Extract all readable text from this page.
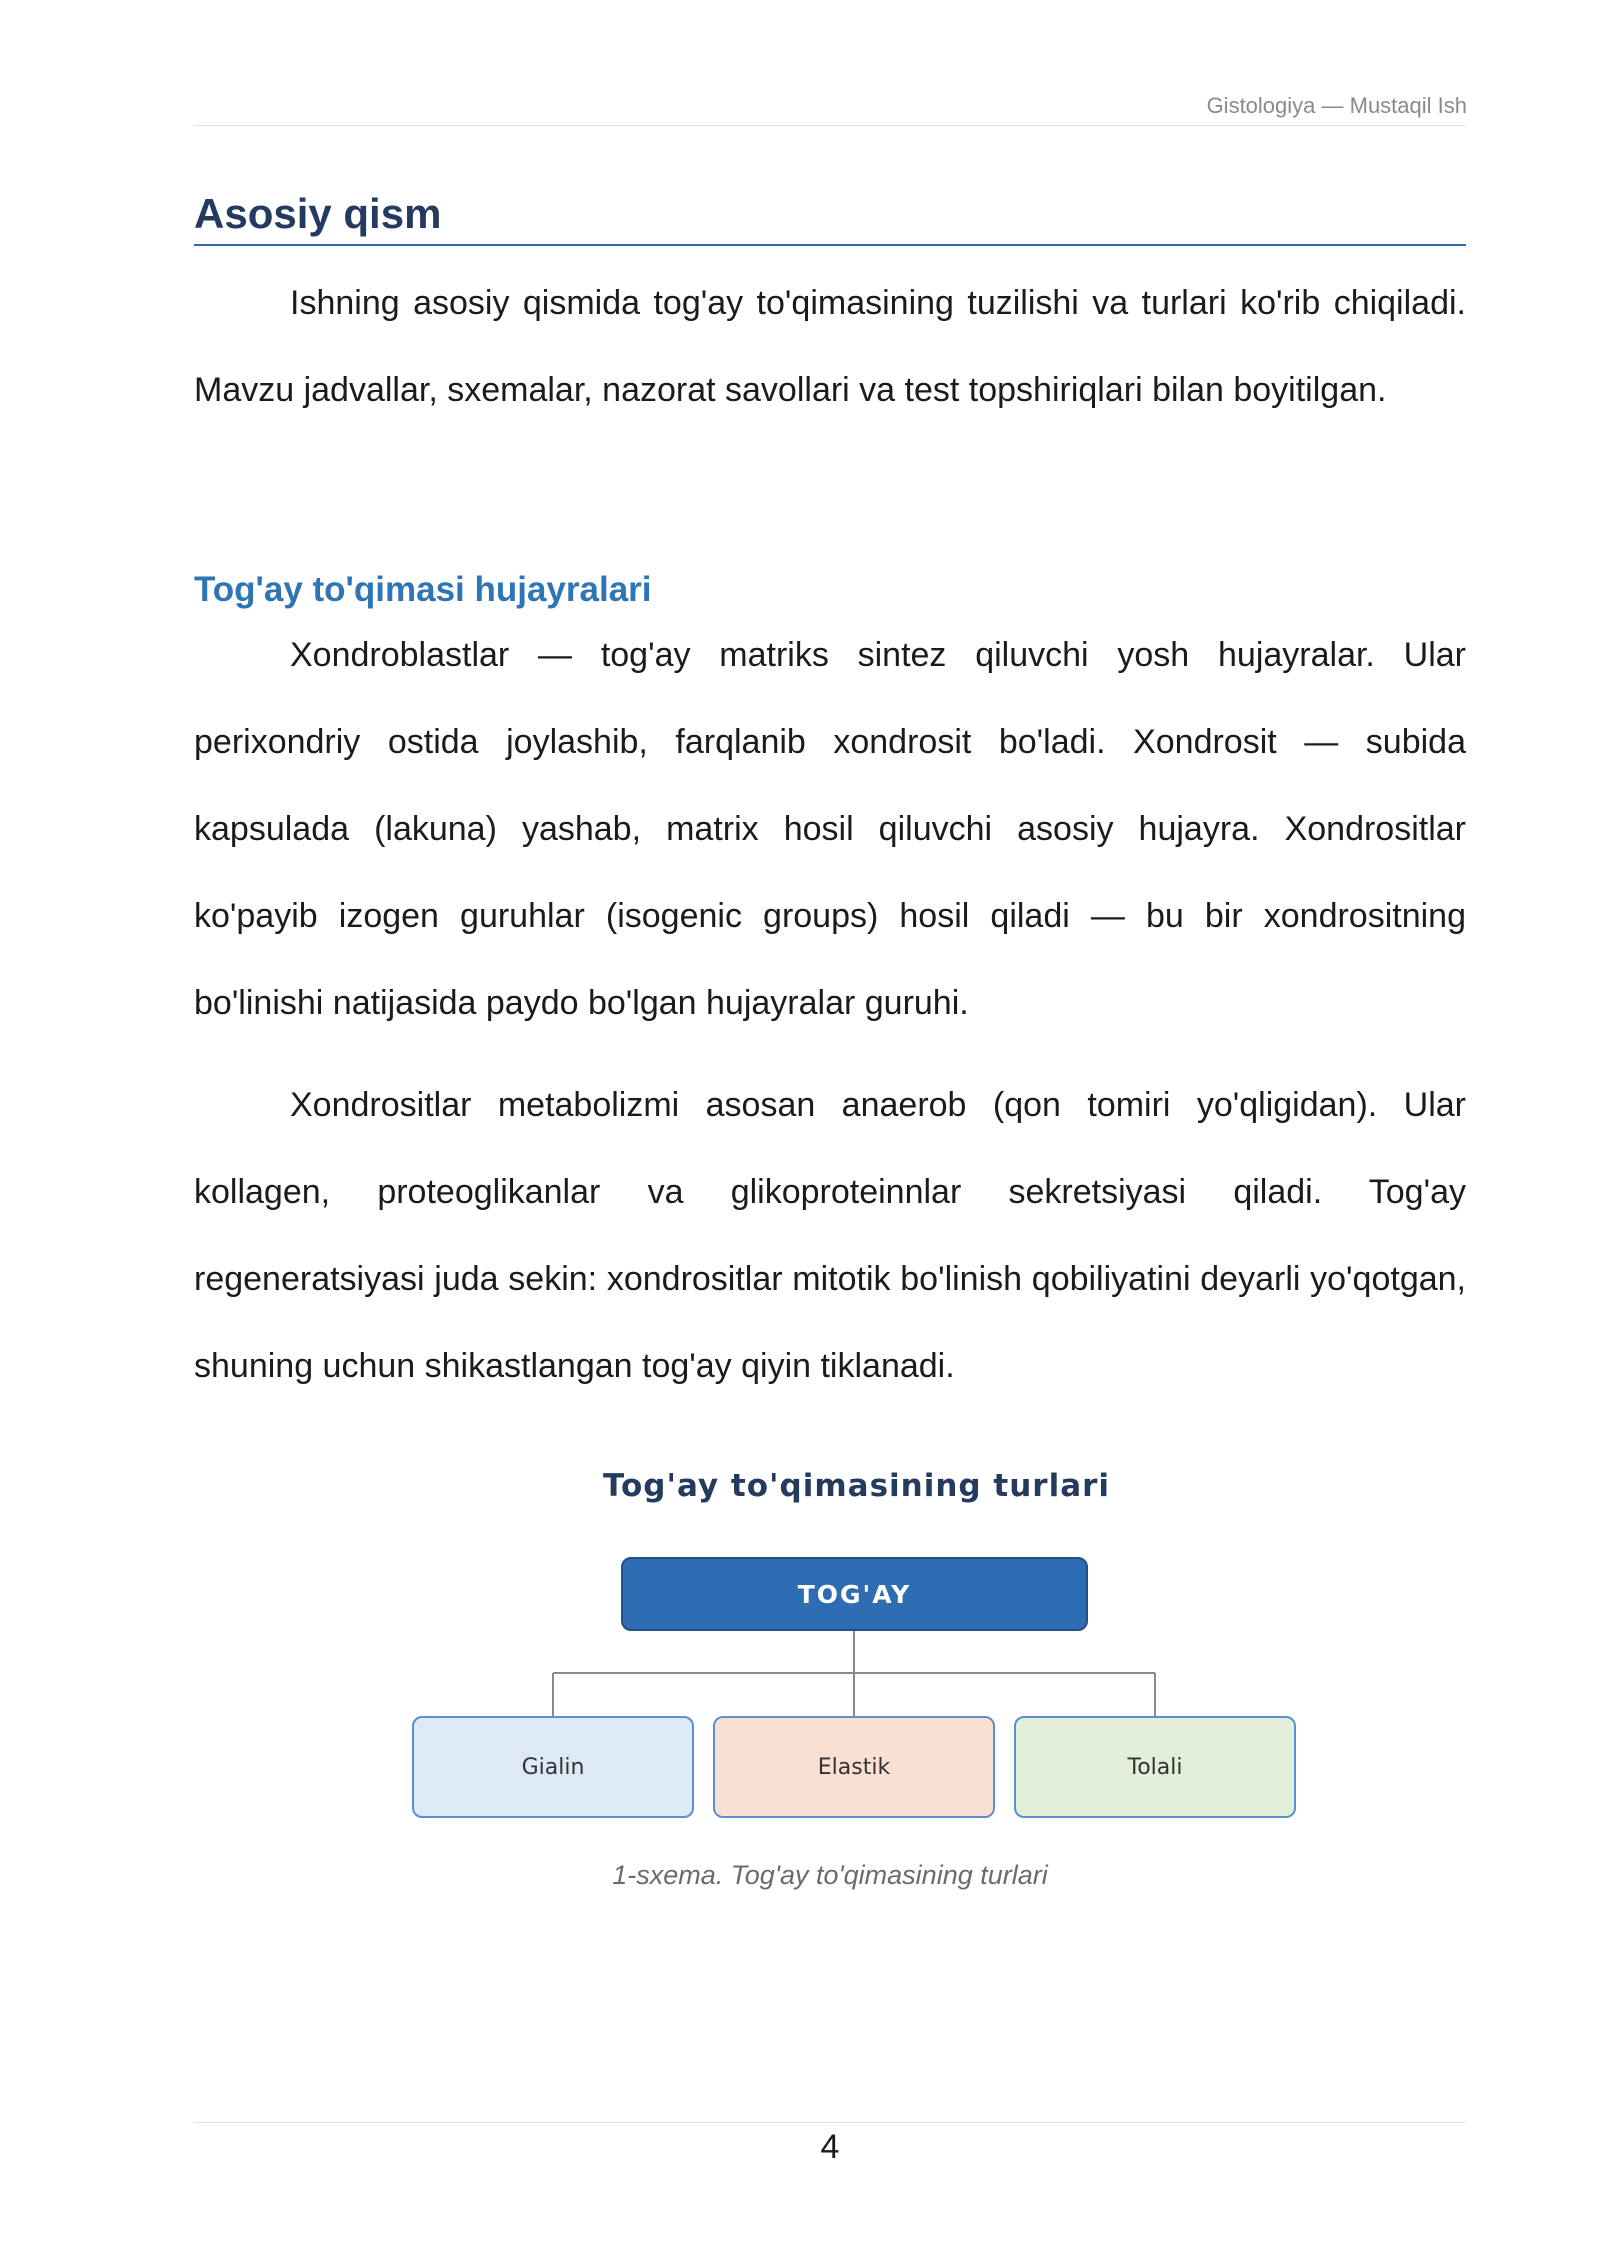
Gistologiya — Mustaqil Ish
Asosiy qism

Ishning asosiy qismida tog'ay to'qimasining tuzilishi va turlari ko'rib chiqiladi. Mavzu jadvallar, sxemalar, nazorat savollari va test topshiriqlari bilan boyitilgan.

Tog'ay to'qimasi hujayralari

Xondroblastlar — tog'ay matriks sintez qiluvchi yosh hujayralar. Ular perixondriy ostida joylashib, farqlanib xondrosit bo'ladi. Xondrosit — subida kapsulada (lakuna) yashab, matrix hosil qiluvchi asosiy hujayra. Xondrositlar ko'payib izogen guruhlar (isogenic groups) hosil qiladi — bu bir xondrositning bo'linishi natijasida paydo bo'lgan hujayralar guruhi.

Xondrositlar metabolizmi asosan anaerob (qon tomiri yo'qligidan). Ular kollagen, proteoglikanlar va glikoproteinnlar sekretsiyasi qiladi. Tog'ay regeneratsiyasi juda sekin: xondrositlar mitotik bo'linish qobiliyatini deyarli yo'qotgan, shuning uchun shikastlangan tog'ay qiyin tiklanadi.

Tog'ay to'qimasining turlari
TOG'AY
Gialin	Elastik	Tolali
1-sxema. Tog'ay to'qimasining turlari
4
